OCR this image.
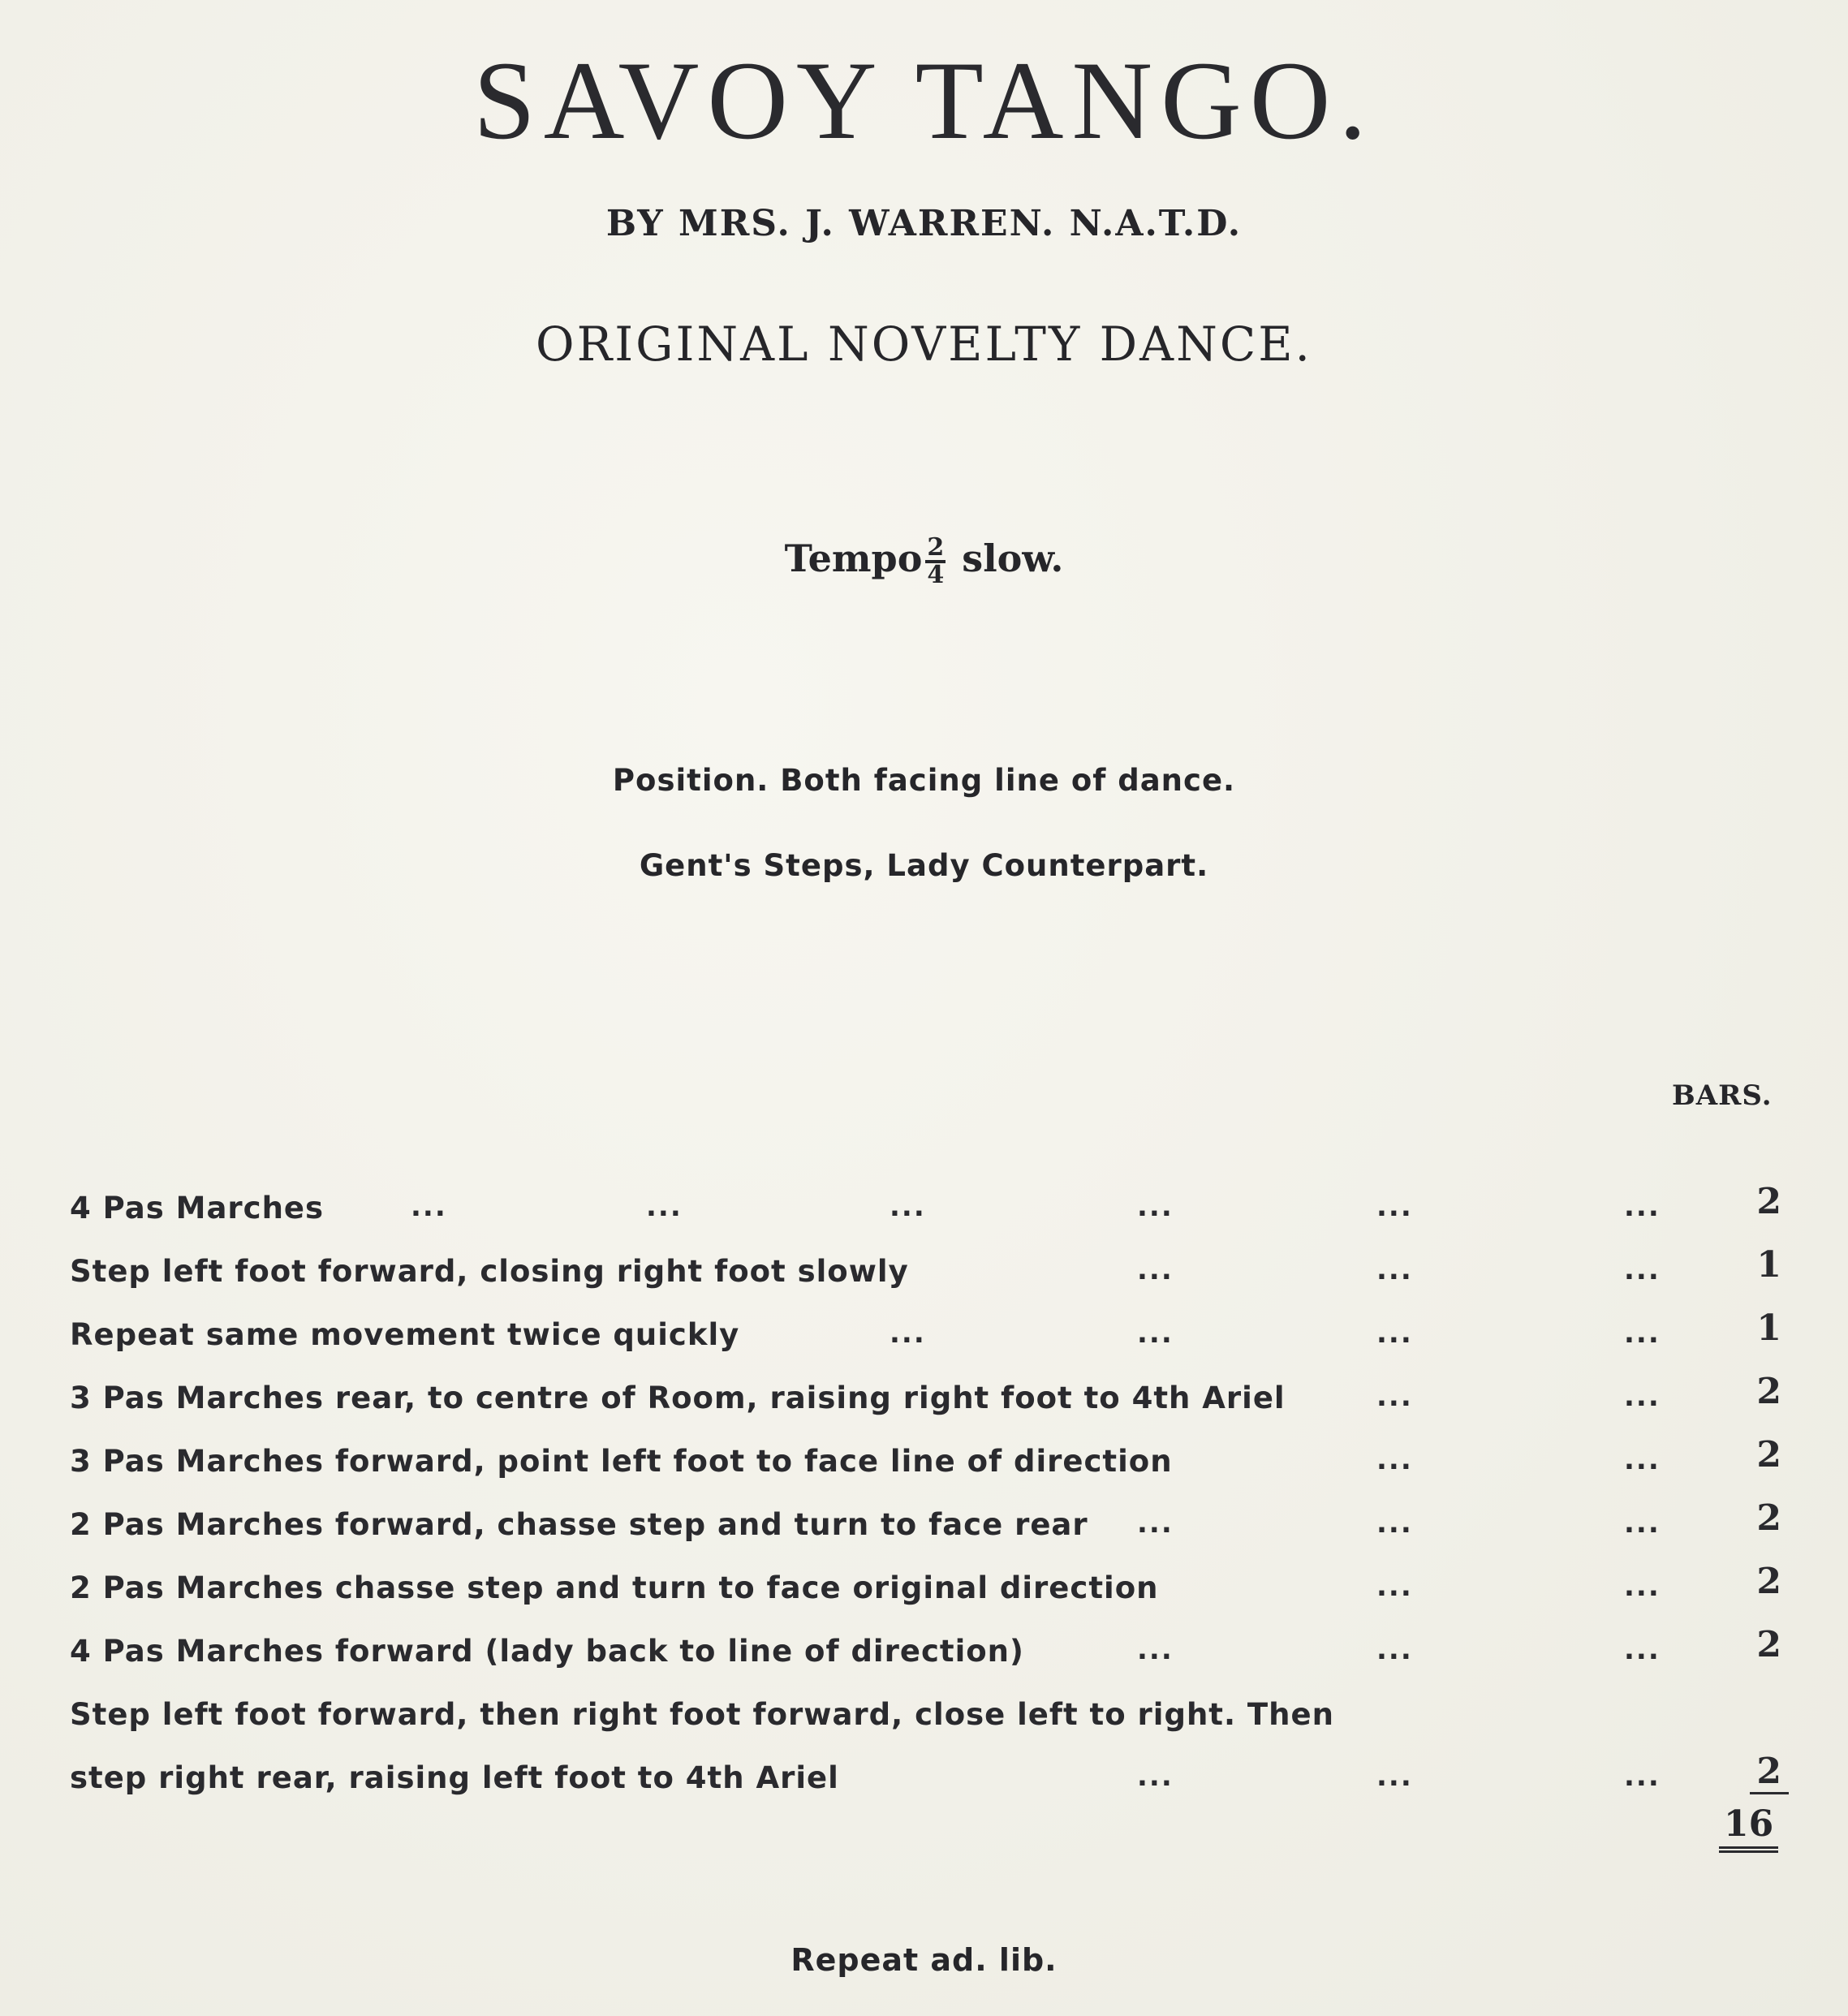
SAVOY TANGO.
BY MRS. J. WARREN. N.A.T.D.
ORIGINAL NOVELTY DANCE.
Tempo $\frac{2}{4}$ slow.
Position. Both facing line of dance.
Gent's Steps, Lady Counterpart.
BARS.
4 Pas Marches	...	...	...	...	...	...	2
Step left foot forward, closing right foot slowly	...	...	...	1
Repeat same movement twice quickly	...	...	...	...	1
3 Pas Marches rear, to centre of Room, raising right foot to 4th Ariel	...	...	2
3 Pas Marches forward, point left foot to face line of direction	...	...	2
2 Pas Marches forward, chasse step and turn to face rear ...	...	...	2
2 Pas Marches chasse step and turn to face original direction	...	...	2
4 Pas Marches forward (lady back to line of direction)	...	...	...	2
Step left foot forward, then right foot forward, close left to right. Then
step right rear, raising left foot to 4th Ariel	...	...	...	2
16
Repeat ad. lib.
